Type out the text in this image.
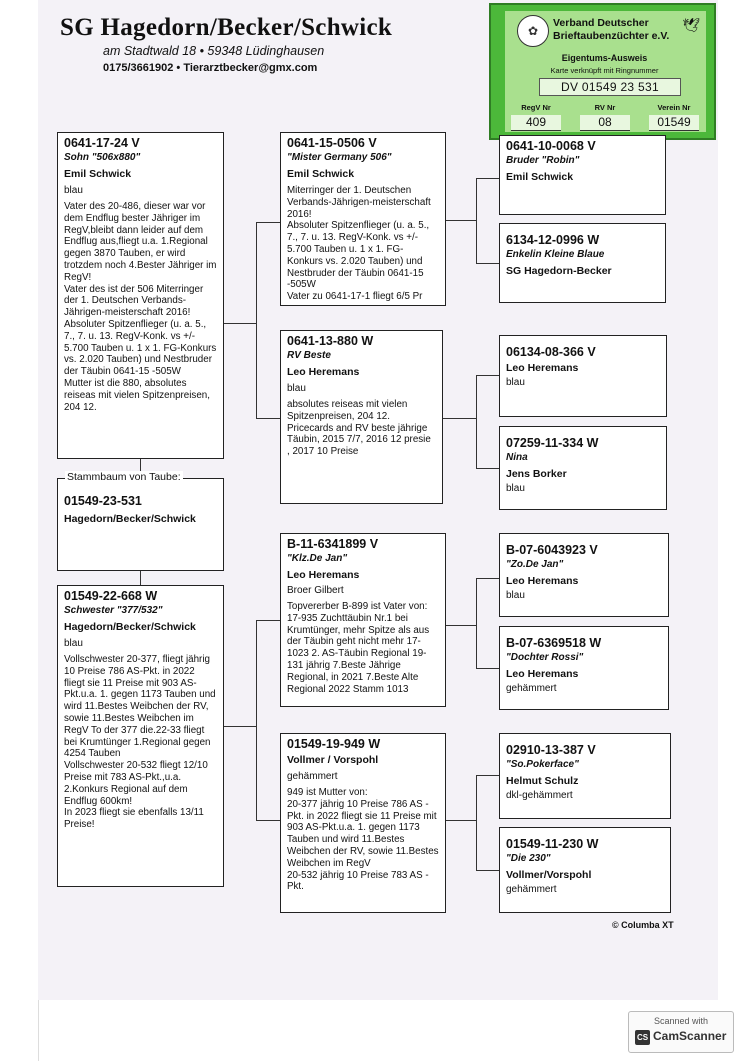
SG Hagedorn/Becker/Schwick
am Stadtwald 18 • 59348 Lüdinghausen
0175/3661902 • Tierarztbecker@gmx.com
✿
Verband Deutscher
Brieftaubenzüchter e.V.
🕊
Eigentums-Ausweis
Karte verknüpft mit Ringnummer
DV 01549 23 531
RegV Nr	RV Nr	Verein Nr
409	08	01549
0641-17-24 V
Sohn "506x880"
Emil Schwick
blau
Vater des 20-486, dieser war vor dem Endflug bester Jähriger im RegV,bleibt dann leider auf dem Endflug aus,fliegt u.a. 1.Regional gegen 3870 Tauben, er wird trotzdem noch 4.Bester Jähriger im RegV!
Vater des ist der 506 Miterringer der 1. Deutschen Verbands-Jährigen-meisterschaft 2016!
Absoluter Spitzenflieger (u. a. 5., 7., 7. u. 13. RegV-Konk. vs +/- 5.700 Tauben u. 1 x 1. FG-Konkurs vs. 2.020 Tauben) und Nestbruder der Täubin 0641-15 -505W
Mutter ist die 880, absolutes reiseas mit vielen Spitzenpreisen, 204 12.
01549-23-531
Hagedorn/Becker/Schwick
Stammbaum von Taube:
01549-22-668 W
Schwester "377/532"
Hagedorn/Becker/Schwick
blau
Vollschwester 20-377, fliegt jährig 10 Preise 786 AS-Pkt. in 2022 fliegt sie 11 Preise mit 903 AS-Pkt.u.a. 1. gegen 1173 Tauben und wird 11.Bestes Weibchen der RV, sowie 11.Bestes Weibchen im RegV To der 377 die.22-33 fliegt bei Krumtünger 1.Regional gegen 4254 Tauben
Vollschwester 20-532 fliegt 12/10 Preise mit 783 AS-Pkt.,u.a. 2.Konkurs Regional auf dem Endflug 600km!
In 2023 fliegt sie ebenfalls 13/11 Preise!
0641-15-0506 V
"Mister Germany 506"
Emil Schwick
Miterringer der 1. Deutschen Verbands-Jährigen-meisterschaft 2016!
Absoluter Spitzenflieger (u. a. 5., 7., 7. u. 13. RegV-Konk. vs +/- 5.700 Tauben u. 1 x 1. FG-Konkurs vs. 2.020 Tauben) und Nestbruder der Täubin 0641-15 -505W
Vater zu 0641-17-1 fliegt 6/5 Pr
0641-13-880 W
RV Beste
Leo Heremans
blau
absolutes reiseas mit vielen Spitzenpreisen, 204 12. Pricecards and RV beste jährige Täubin, 2015 7/7, 2016 12 presie , 2017 10 Preise
B-11-6341899 V
"Klz.De Jan"
Leo Heremans
Broer Gilbert
Topvererber B-899 ist Vater von:
17-935 Zuchttäubin Nr.1 bei Krumtünger, mehr Spitze als aus der Täubin geht nicht mehr 17-1023 2. AS-Täubin Regional 19-131 jährig 7.Beste Jährige Regional, in 2021 7.Beste Alte Regional 2022 Stamm 1013
01549-19-949 W
Vollmer / Vorspohl
gehämmert
949 ist Mutter von:
20-377 jährig 10 Preise 786 AS -Pkt. in 2022 fliegt sie 11 Preise mit 903 AS-Pkt.u.a. 1. gegen 1173 Tauben und wird 11.Bestes Weibchen der RV, sowie 11.Bestes Weibchen im RegV
20-532 jährig 10 Preise 783 AS -Pkt.
0641-10-0068 V
Bruder "Robin"
Emil Schwick
6134-12-0996 W
Enkelin Kleine Blaue
SG Hagedorn-Becker
06134-08-366 V
Leo Heremans
blau
07259-11-334 W
Nina
Jens Borker
blau
B-07-6043923 V
"Zo.De Jan"
Leo Heremans
blau
B-07-6369518 W
"Dochter Rossi"
Leo Heremans
gehämmert
02910-13-387 V
"So.Pokerface"
Helmut Schulz
dkl-gehämmert
01549-11-230 W
"Die 230"
Vollmer/Vorspohl
gehämmert
© Columba XT
Scanned with
CS CamScanner
